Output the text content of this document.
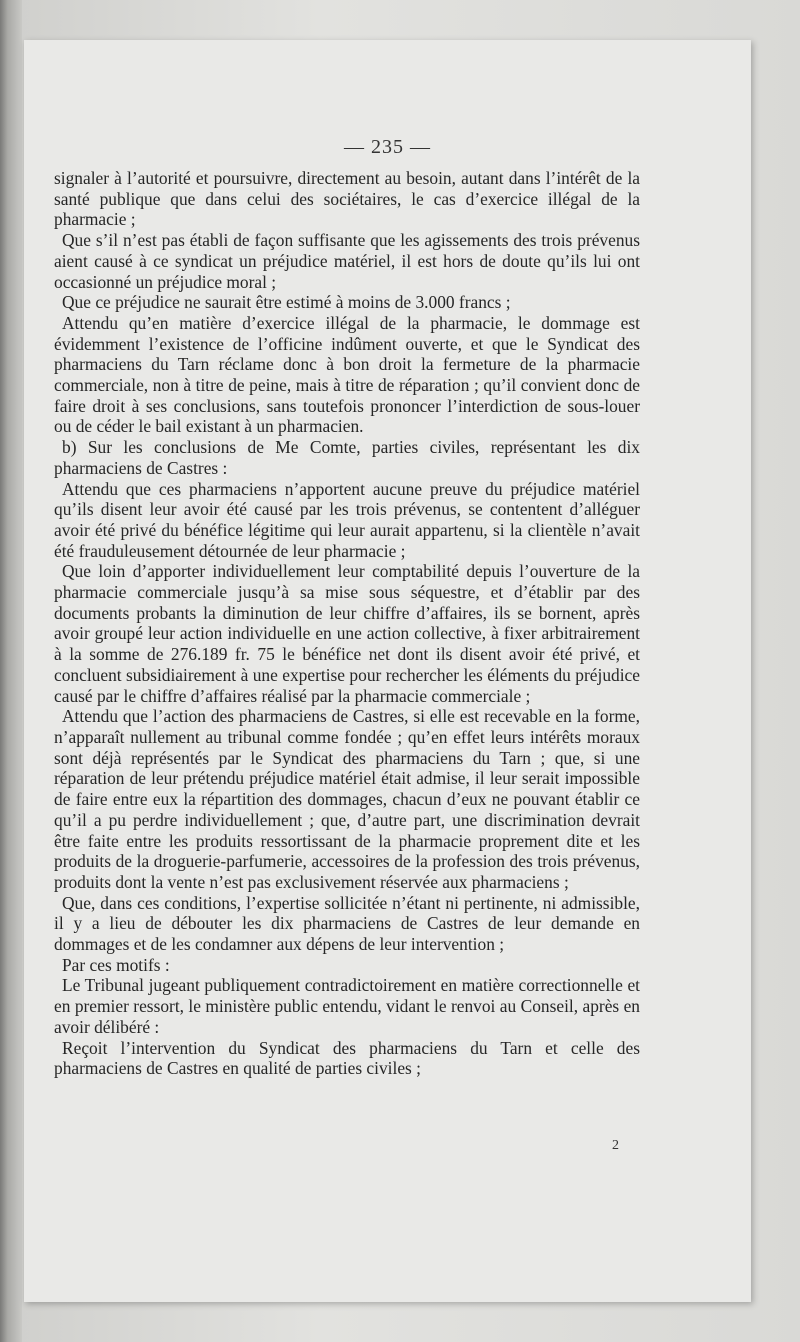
— 235 —

signaler à l’autorité et poursuivre, directement au besoin, autant dans l’intérêt de la santé publique que dans celui des sociétaires, le cas d’exercice illégal de la pharmacie ;

Que s’il n’est pas établi de façon suffisante que les agissements des trois prévenus aient causé à ce syndicat un préjudice matériel, il est hors de doute qu’ils lui ont occasionné un préjudice moral ;

Que ce préjudice ne saurait être estimé à moins de 3.000 francs ;

Attendu qu’en matière d’exercice illégal de la pharmacie, le dommage est évidemment l’existence de l’officine indûment ouverte, et que le Syndicat des pharmaciens du Tarn réclame donc à bon droit la fermeture de la pharmacie commerciale, non à titre de peine, mais à titre de réparation ; qu’il convient donc de faire droit à ses conclusions, sans toutefois prononcer l’interdiction de sous-louer ou de céder le bail existant à un pharmacien.

b) Sur les conclusions de Me Comte, parties civiles, représentant les dix pharmaciens de Castres :

Attendu que ces pharmaciens n’apportent aucune preuve du préjudice matériel qu’ils disent leur avoir été causé par les trois prévenus, se contentent d’alléguer avoir été privé du bénéfice légitime qui leur aurait appartenu, si la clientèle n’avait été frauduleusement détournée de leur pharmacie ;

Que loin d’apporter individuellement leur comptabilité depuis l’ouverture de la pharmacie commerciale jusqu’à sa mise sous séquestre, et d’établir par des documents probants la diminution de leur chiffre d’affaires, ils se bornent, après avoir groupé leur action individuelle en une action collective, à fixer arbitrairement à la somme de 276.189 fr. 75 le bénéfice net dont ils disent avoir été privé, et concluent subsidiairement à une expertise pour rechercher les éléments du préjudice causé par le chiffre d’affaires réalisé par la pharmacie commerciale ;

Attendu que l’action des pharmaciens de Castres, si elle est recevable en la forme, n’apparaît nullement au tribunal comme fondée ; qu’en effet leurs intérêts moraux sont déjà représentés par le Syndicat des pharmaciens du Tarn ; que, si une réparation de leur prétendu préjudice matériel était admise, il leur serait impossible de faire entre eux la répartition des dommages, chacun d’eux ne pouvant établir ce qu’il a pu perdre individuellement ; que, d’autre part, une discrimination devrait être faite entre les produits ressortissant de la pharmacie proprement dite et les produits de la droguerie-parfumerie, accessoires de la profession des trois prévenus, produits dont la vente n’est pas exclusivement réservée aux pharmaciens ;

Que, dans ces conditions, l’expertise sollicitée n’étant ni pertinente, ni admissible, il y a lieu de débouter les dix pharmaciens de Castres de leur demande en dommages et de les condamner aux dépens de leur intervention ;

Par ces motifs :

Le Tribunal jugeant publiquement contradictoirement en matière correctionnelle et en premier ressort, le ministère public entendu, vidant le renvoi au Conseil, après en avoir délibéré :

Reçoit l’intervention du Syndicat des pharmaciens du Tarn et celle des pharmaciens de Castres en qualité de parties civiles ;

2
